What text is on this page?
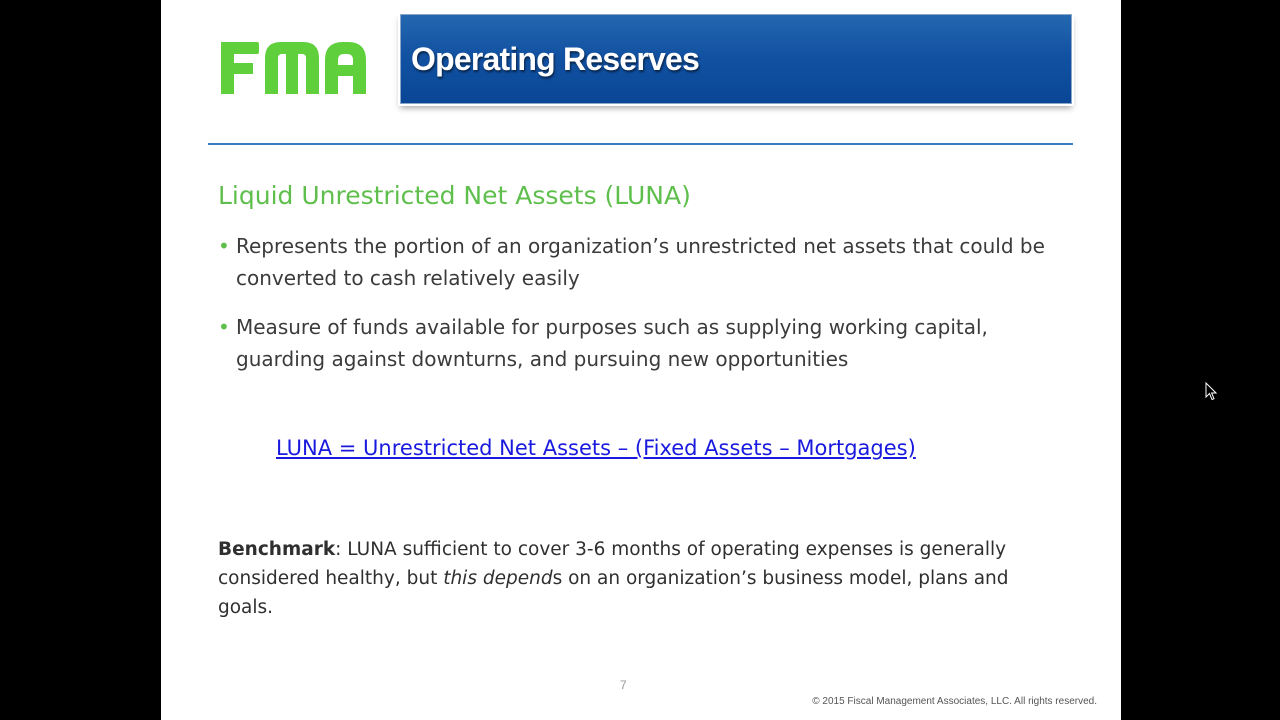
Operating Reserves
Liquid Unrestricted Net Assets (LUNA)
• Represents the portion of an organization’s unrestricted net assets that could be converted to cash relatively easily
• Measure of funds available for purposes such as supplying working capital, guarding against downturns, and pursuing new opportunities
LUNA = Unrestricted Net Assets – (Fixed Assets – Mortgages)
Benchmark: LUNA sufficient to cover 3-6 months of operating expenses is generally considered healthy, but this depends on an organization’s business model, plans and goals.
7
© 2015 Fiscal Management Associates, LLC. All rights reserved.
